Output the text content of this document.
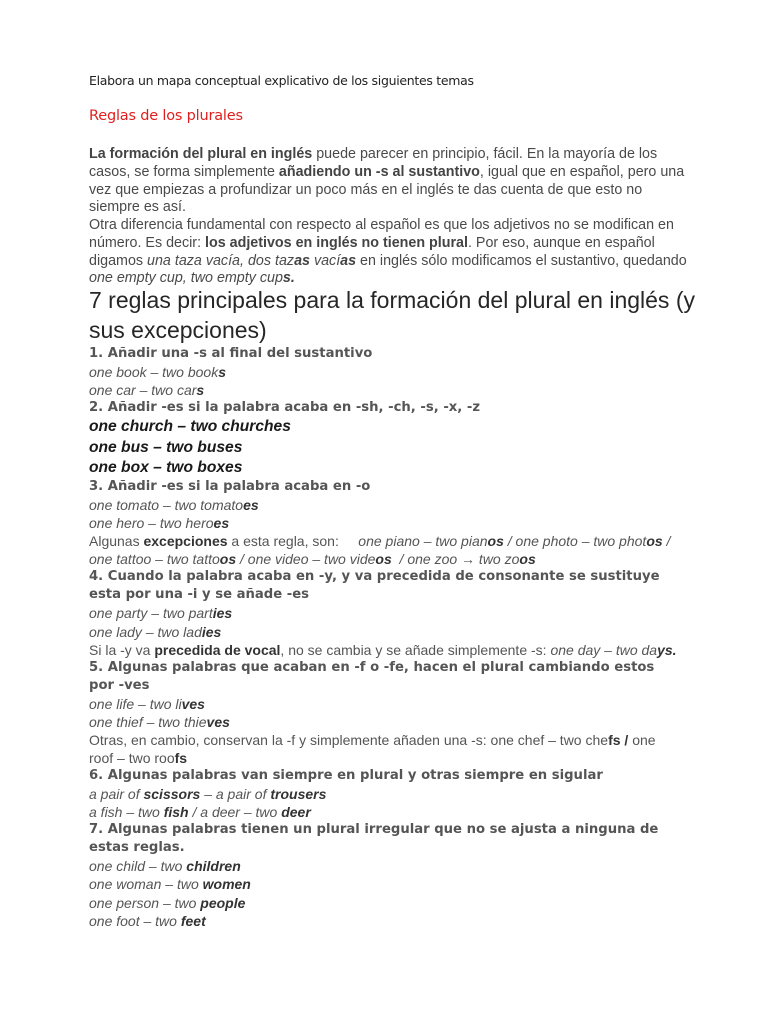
Elabora un mapa conceptual explicativo de los siguientes temas
Reglas de los plurales
La formación del plural en inglés puede parecer en principio, fácil. En la mayoría de los casos, se forma simplemente añadiendo un -s al sustantivo, igual que en español, pero una vez que empiezas a profundizar un poco más en el inglés te das cuenta de que esto no siempre es así.
Otra diferencia fundamental con respecto al español es que los adjetivos no se modifican en número. Es decir: los adjetivos en inglés no tienen plural. Por eso, aunque en español digamos una taza vacía, dos tazas vacías en inglés sólo modificamos el sustantivo, quedando one empty cup, two empty cups.
7 reglas principales para la formación del plural en inglés (y sus excepciones)
1. Añadir una -s al final del sustantivo
one book – two books
one car – two cars
2. Añadir -es si la palabra acaba en -sh, -ch, -s, -x, -z
one church – two churches
one bus – two buses
one box – two boxes
3. Añadir -es si la palabra acaba en -o
one tomato – two tomatoes
one hero – two heroes
Algunas excepciones a esta regla, son:     one piano – two pianos / one photo – two photos / one tattoo – two tattoos / one video – two videos  / one zoo → two zoos
4. Cuando la palabra acaba en -y, y va precedida de consonante se sustituye esta por una -i y se añade -es
one party – two parties
one lady – two ladies
Si la -y va precedida de vocal, no se cambia y se añade simplemente -s: one day – two days.
5. Algunas palabras que acaban en -f o -fe, hacen el plural cambiando estos por -ves
one life – two lives
one thief – two thieves
Otras, en cambio, conservan la -f y simplemente añaden una -s: one chef – two chefs / one roof – two roofs
6. Algunas palabras van siempre en plural y otras siempre en sigular
a pair of scissors – a pair of trousers
a fish – two fish / a deer – two deer
7. Algunas palabras tienen un plural irregular que no se ajusta a ninguna de estas reglas.
one child – two children
one woman – two women
one person – two people
one foot – two feet
